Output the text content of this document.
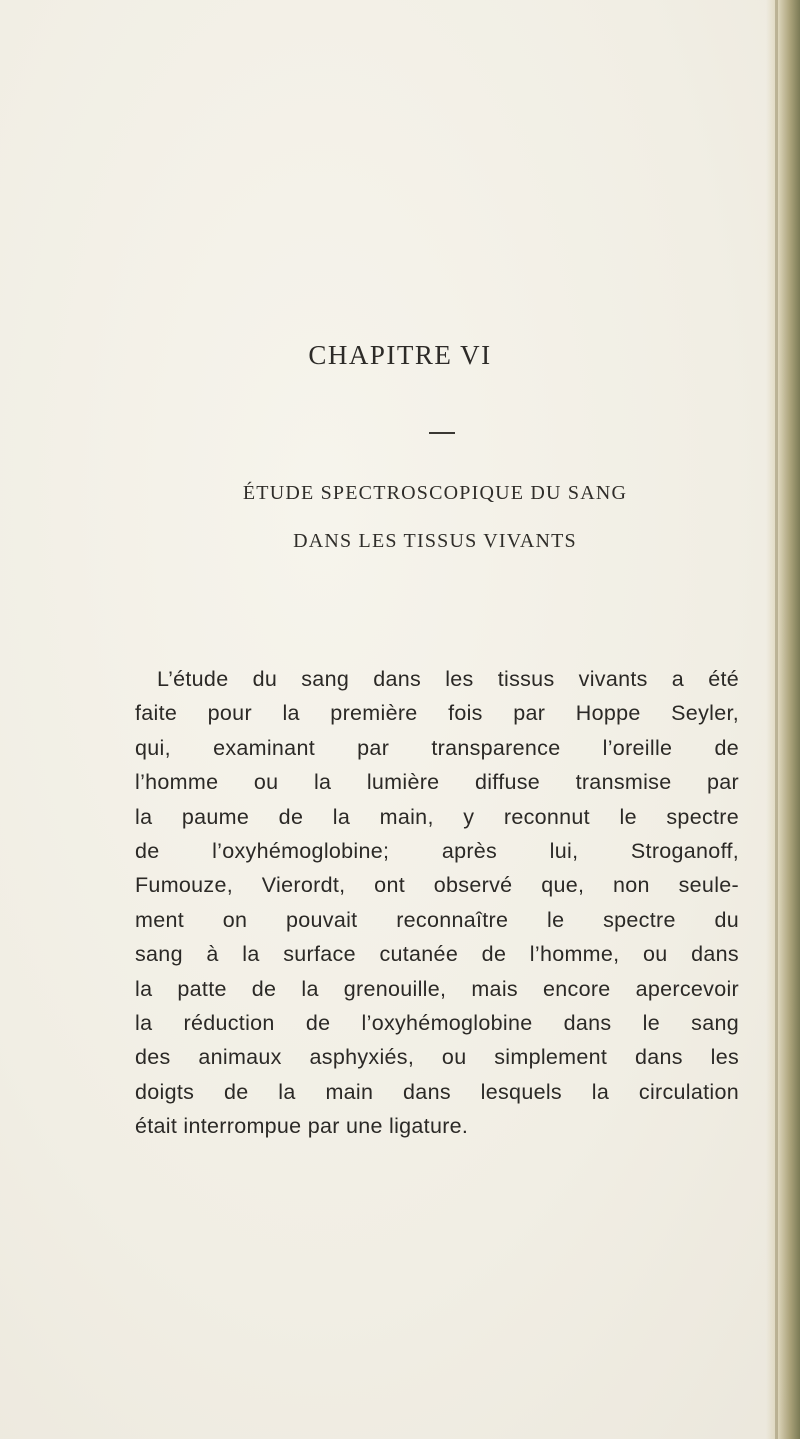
CHAPITRE VI
ÉTUDE SPECTROSCOPIQUE DU SANG
DANS LES TISSUS VIVANTS
L’étude du sang dans les tissus vivants a été
faite pour la première fois par Hoppe Seyler,
qui, examinant par transparence l’oreille de
l’homme ou la lumière diffuse transmise par
la paume de la main, y reconnut le spectre
de l’oxyhémoglobine; après lui, Stroganoff,
Fumouze, Vierordt, ont observé que, non seule-
ment on pouvait reconnaître le spectre du
sang à la surface cutanée de l’homme, ou dans
la patte de la grenouille, mais encore apercevoir
la réduction de l’oxyhémoglobine dans le sang
des animaux asphyxiés, ou simplement dans les
doigts de la main dans lesquels la circulation
était interrompue par une ligature.
